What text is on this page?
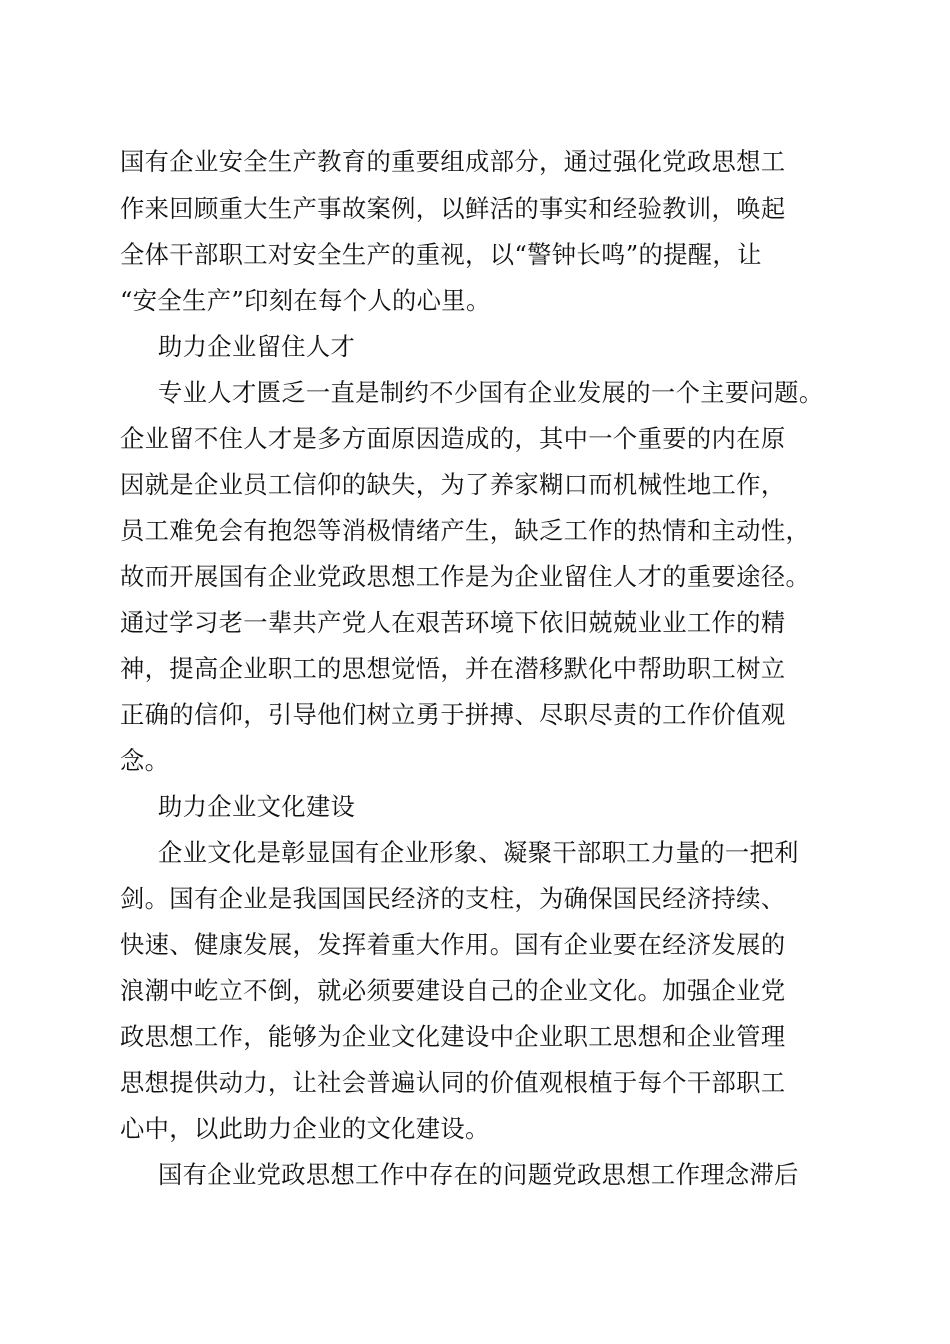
国有企业安全生产教育的重要组成部分，通过强化党政思想工
作来回顾重大生产事故案例，以鲜活的事实和经验教训，唤起
全体干部职工对安全生产的重视，以“警钟长鸣”的提醒，让
“安全生产”印刻在每个人的心里。
助力企业留住人才
专业人才匮乏一直是制约不少国有企业发展的一个主要问题。
企业留不住人才是多方面原因造成的，其中一个重要的内在原
因就是企业员工信仰的缺失，为了养家糊口而机械性地工作，
员工难免会有抱怨等消极情绪产生，缺乏工作的热情和主动性，
故而开展国有企业党政思想工作是为企业留住人才的重要途径。
通过学习老一辈共产党人在艰苦环境下依旧兢兢业业工作的精
神，提高企业职工的思想觉悟，并在潜移默化中帮助职工树立
正确的信仰，引导他们树立勇于拼搏、尽职尽责的工作价值观
念。
助力企业文化建设
企业文化是彰显国有企业形象、凝聚干部职工力量的一把利
剑。国有企业是我国国民经济的支柱，为确保国民经济持续、
快速、健康发展，发挥着重大作用。国有企业要在经济发展的
浪潮中屹立不倒，就必须要建设自己的企业文化。加强企业党
政思想工作，能够为企业文化建设中企业职工思想和企业管理
思想提供动力，让社会普遍认同的价值观根植于每个干部职工
心中，以此助力企业的文化建设。
国有企业党政思想工作中存在的问题党政思想工作理念滞后
